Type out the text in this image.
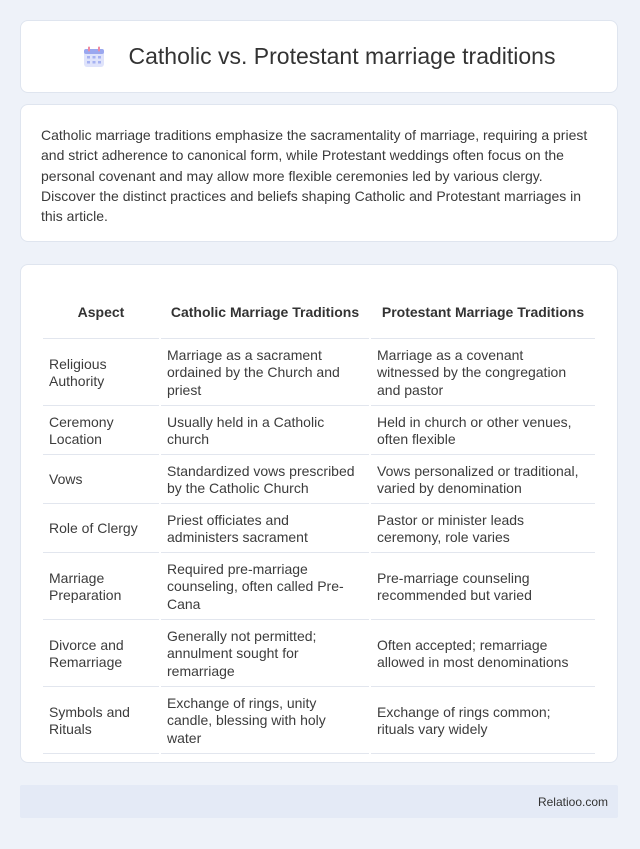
Catholic vs. Protestant marriage traditions

Catholic marriage traditions emphasize the sacramentality of marriage, requiring a priest and strict adherence to canonical form, while Protestant weddings often focus on the personal covenant and may allow more flexible ceremonies led by various clergy. Discover the distinct practices and beliefs shaping Catholic and Protestant marriages in this article.

Aspect	Catholic Marriage Traditions	Protestant Marriage Traditions
Religious Authority	Marriage as a sacrament ordained by the Church and priest	Marriage as a covenant witnessed by the congregation and pastor
Ceremony Location	Usually held in a Catholic church	Held in church or other venues, often flexible
Vows	Standardized vows prescribed by the Catholic Church	Vows personalized or traditional, varied by denomination
Role of Clergy	Priest officiates and administers sacrament	Pastor or minister leads ceremony, role varies
Marriage Preparation	Required pre-marriage counseling, often called Pre-Cana	Pre-marriage counseling recommended but varied
Divorce and Remarriage	Generally not permitted; annulment sought for remarriage	Often accepted; remarriage allowed in most denominations
Symbols and Rituals	Exchange of rings, unity candle, blessing with holy water	Exchange of rings common; rituals vary widely
Relatioo.com
